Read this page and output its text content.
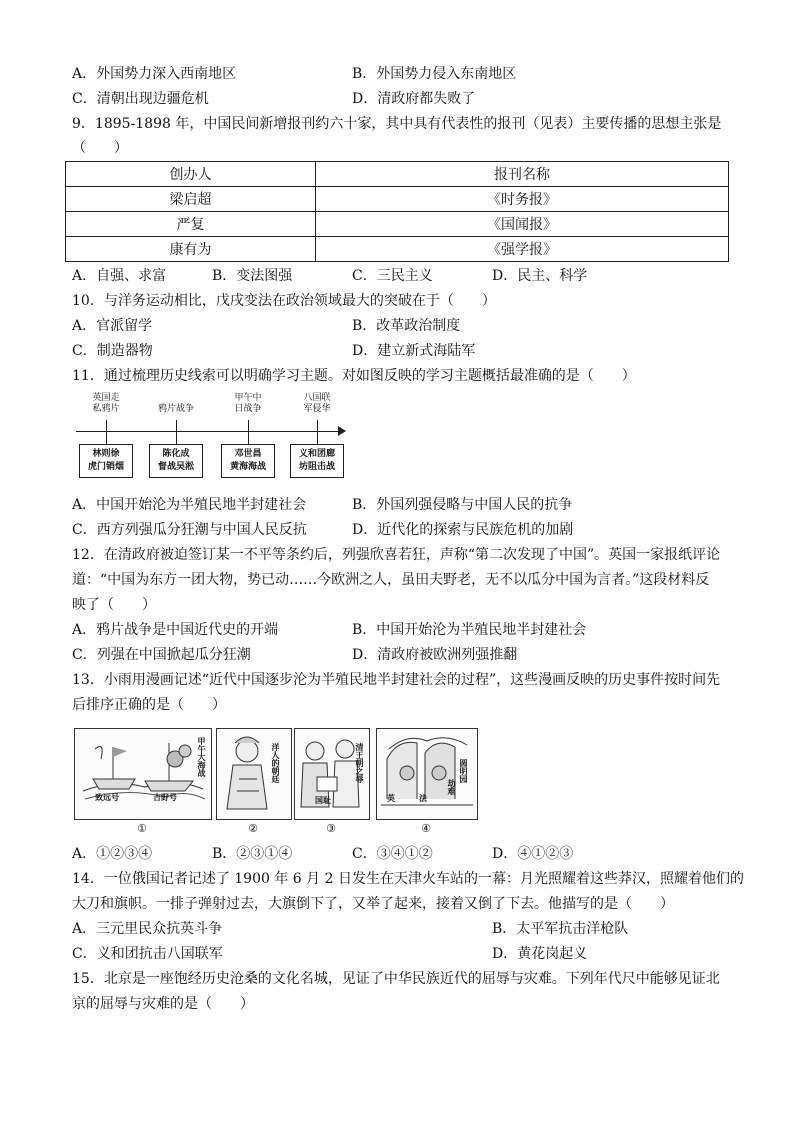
A．外国势力深入西南地区	B．外国势力侵入东南地区
C．清朝出现边疆危机	D．清政府都失败了
9．1895-1898 年，中国民间新增报刊约六十家，其中具有代表性的报刊（见表）主要传播的思想主张是
（　　）
创办人	报刊名称
梁启超	《时务报》
严复	《国闻报》
康有为	《强学报》
A．自强、求富	B．变法图强	C．三民主义	D．民主、科学
10．与洋务运动相比，戊戌变法在政治领域最大的突破在于（　　）
A．官派留学	B．改革政治制度
C．制造器物	D．建立新式海陆军
11．通过梳理历史线索可以明确学习主题。对如图反映的学习主题概括最准确的是（　　）
英国走
私鸦片	鸦片战争
甲午中
日战争
八国联
军侵华
林则徐
虎门销烟
陈化成
督战吴淞
邓世昌
黄海海战
义和团廊
坊阻击战
A．中国开始沦为半殖民地半封建社会	B．外国列强侵略与中国人民的抗争
C．西方列强瓜分狂潮与中国人民反抗	D．近代化的探索与民族危机的加剧
12．在清政府被迫签订某一不平等条约后，列强欣喜若狂，声称“第二次发现了中国”。英国一家报纸评论
道：“中国为东方一团大物，势已动……今欧洲之人，虽田夫野老，无不以瓜分中国为言者。”这段材料反
映了（　　）
A．鸦片战争是中国近代史的开端	B．中国开始沦为半殖民地半封建社会
C．列强在中国掀起瓜分狂潮	D．清政府被欧洲列强推翻
13．小雨用漫画记述“近代中国逐步沦为半殖民地半封建社会的过程”，这些漫画反映的历史事件按时间先
后排序正确的是（　　）
致远号	吉野号
甲午大海战	洋人的朝廷
国耻
清王朝之辱
英	法
圆明园
劫难
①	②	③	④
A．①②③④	B．②③①④	C．③④①②	D．④①②③
14．一位俄国记者记述了 1900 年 6 月 2 日发生在天津火车站的一幕：月光照耀着这些莽汉，照耀着他们的
大刀和旗帜。一排子弹射过去，大旗倒下了，又举了起来，接着又倒了下去。他描写的是（　　）
A．三元里民众抗英斗争	B．太平军抗击洋枪队
C．义和团抗击八国联军	D．黄花岗起义
15．北京是一座饱经历史沧桑的文化名城，见证了中华民族近代的屈辱与灾难。下列年代尺中能够见证北
京的屈辱与灾难的是（　　）
